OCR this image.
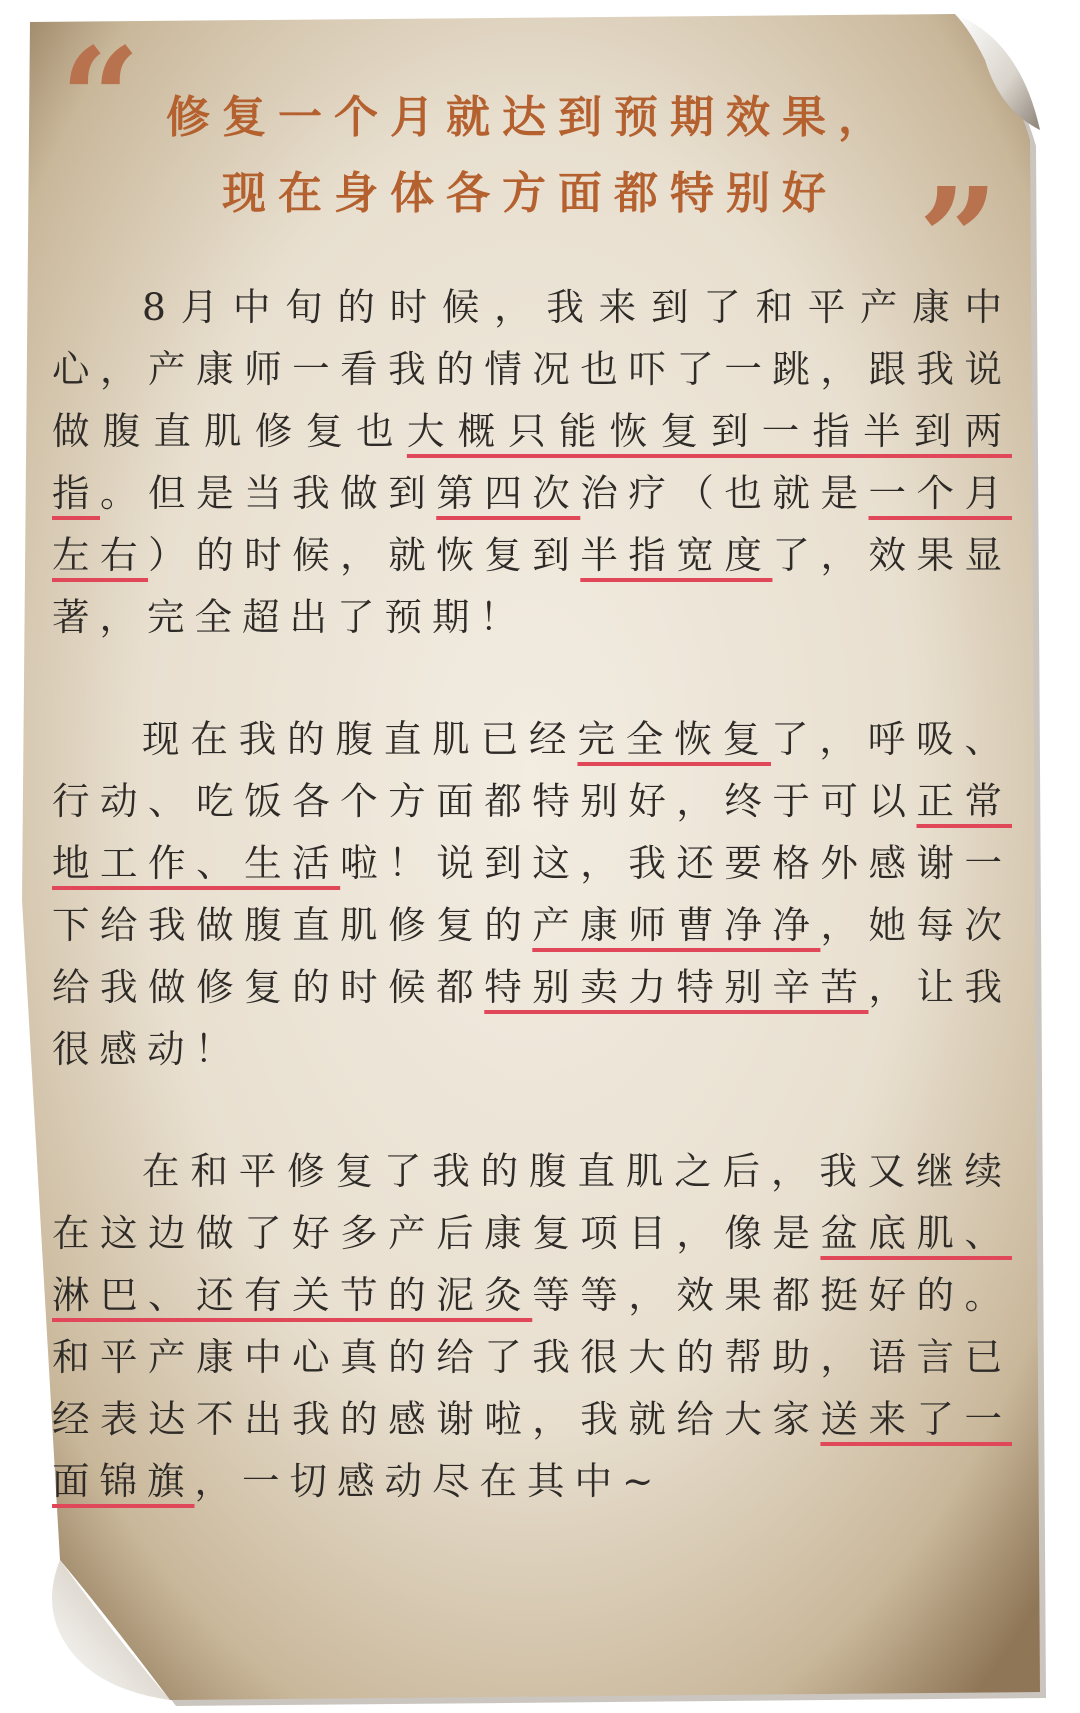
“
”
修复一个月就达到预期效果，
现在身体各方面都特别好

8月中旬的时候，我来到了和平产康中心，产康师一看我的情况也吓了一跳，跟我说做腹直肌修复也大概只能恢复到一指半到两指。但是当我做到第四次治疗（也就是一个月左右）的时候，就恢复到半指宽度了，效果显著，完全超出了预期！

现在我的腹直肌已经完全恢复了，呼吸、行动、吃饭各个方面都特别好，终于可以正常地工作、生活啦！说到这，我还要格外感谢一下给我做腹直肌修复的产康师曹净净，她每次给我做修复的时候都特别卖力特别辛苦，让我很感动！

在和平修复了我的腹直肌之后，我又继续在这边做了好多产后康复项目，像是盆底肌、淋巴、还有关节的泥灸等等，效果都挺好的。和平产康中心真的给了我很大的帮助，语言已经表达不出我的感谢啦，我就给大家送来了一面锦旗，一切感动尽在其中~
